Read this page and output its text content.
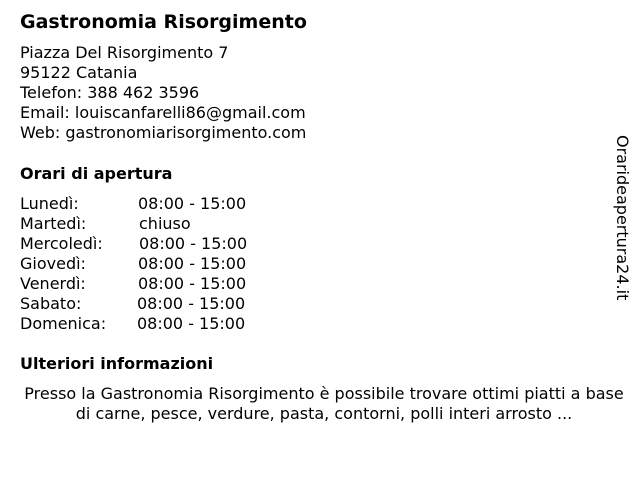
Gastronomia Risorgimento
Piazza Del Risorgimento 7
95122 Catania
Telefon: 388 462 3596
Email: louiscanfarelli86@gmail.com
Web: gastronomiarisorgimento.com
Orari di apertura
Lunedì:	08:00 - 15:00
Martedì:	chiuso
Mercoledì: 08:00 - 15:00
Giovedì:	08:00 - 15:00
Venerdì:	08:00 - 15:00
Sabato:	08:00 - 15:00
Domenica: 08:00 - 15:00
Ulteriori informazioni
Presso la Gastronomia Risorgimento è possibile trovare ottimi piatti a base di carne, pesce, verdure, pasta, contorni, polli interi arrosto ...
Orarideapertura24.it
